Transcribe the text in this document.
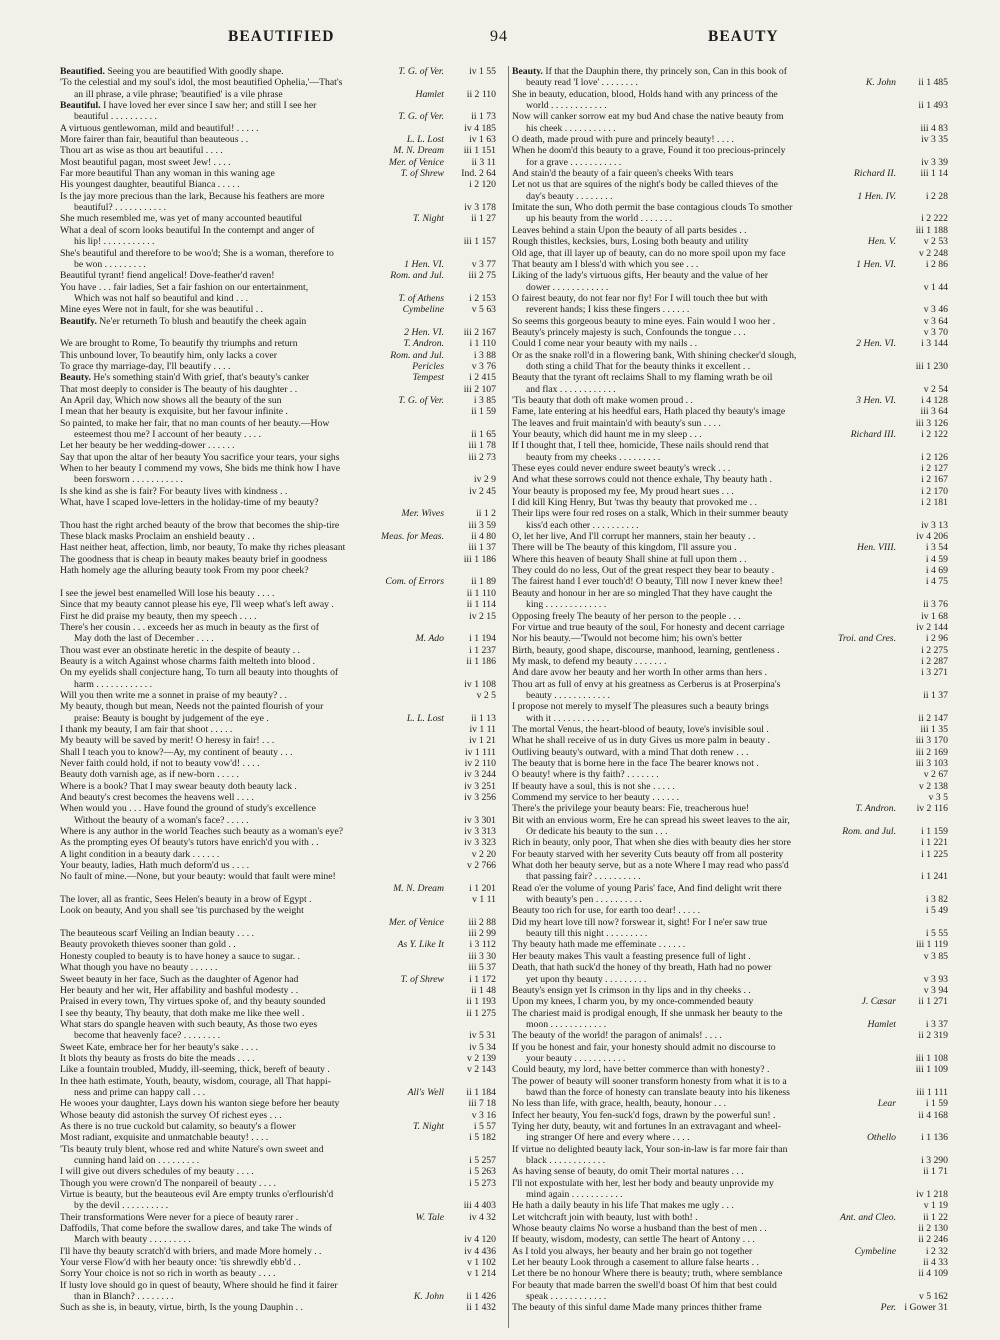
BEAUTIFIED	94	BEAUTY
Beautified. Seeing you are beautified With goodly shape.	T. G. of Ver.	iv 1 55
'To the celestial and my soul's idol, the most beautified Ophelia,'—That's
an ill phrase, a vile phrase; 'beautified' is a vile phrase	Hamlet ii 2 110
Beautiful. I have loved her ever since I saw her; and still I see her
beautiful . . . . . . . . . .	T. G. of Ver.	ii 1 73
A virtuous gentlewoman, mild and beautiful! . . . . .	iv 4 185
More fairer than fair, beautiful than beauteous . .	L. L. Lost	iv 1 63
Thou art as wise as thou art beautiful . . . .	M. N. Dream iii 1 151
Most beautiful pagan, most sweet Jew! . . . .	Mer. of Venice	ii 3 11
Far more beautiful Than any woman in this waning age	T. of Shrew Ind. 2 64
His youngest daughter, beautiful Bianca . . . . .	i 2 120
Is the jay more precious than the lark, Because his feathers are more
beautiful? . . . . . . . . . . .	iv 3 178
She much resembled me, was yet of many accounted beautiful	T. Night	ii 1 27
What a deal of scorn looks beautiful In the contempt and anger of
his lip! . . . . . . . . . . .	iii 1 157
She's beautiful and therefore to be woo'd; She is a woman, therefore to
be won . . . . . . . . .	1 Hen. VI.	v 3 77
Beautiful tyrant! fiend angelical! Dove-feather'd raven!	Rom. and Jul.	iii 2 75
You have . . . fair ladies, Set a fair fashion on our entertainment,
Which was not half so beautiful and kind . . .	T. of Athens	i 2 153
Mine eyes Were not in fault, for she was beautiful . .	Cymbeline	v 5 63
Beautify. Ne'er returneth To blush and beautify the cheek again
2 Hen. VI. iii 2 167
We are brought to Rome, To beautify thy triumphs and return	T. Andron.	i 1 110
This unbound lover, To beautify him, only lacks a cover	Rom. and Jul.	i 3 88
To grace thy marriage-day, I'll beautify . . . .	Pericles	v 3 76
Beauty. He's something stain'd With grief, that's beauty's canker	Tempest	i 2 415
That most deeply to consider is The beauty of his daughter . .	iii 2 107
An April day, Which now shows all the beauty of the sun	T. G. of Ver.	i 3 85
I mean that her beauty is exquisite, but her favour infinite .	ii 1 59
So painted, to make her fair, that no man counts of her beauty.—How
esteemest thou me? I account of her beauty . . . .	ii 1 65
Let her beauty be her wedding-dower . . . . . .	iii 1 78
Say that upon the altar of her beauty You sacrifice your tears, your sighs	iii 2 73
When to her beauty I commend my vows, She bids me think how I have
been forsworn . . . . . . . . . . .	iv 2 9
Is she kind as she is fair? For beauty lives with kindness . .	iv 2 45
What, have I scaped love-letters in the holiday-time of my beauty?
Mer. Wives	ii 1 2
Thou hast the right arched beauty of the brow that becomes the ship-tire	iii 3 59
These black masks Proclaim an enshield beauty . .	Meas. for Meas.	ii 4 80
Hast neither heat, affection, limb, nor beauty, To make thy riches pleasant	iii 1 37
The goodness that is cheap in beauty makes beauty brief in goodness	iii 1 186
Hath homely age the alluring beauty took From my poor cheek?
Com. of Errors	ii 1 89
I see the jewel best enamelled Will lose his beauty . . . .	ii 1 110
Since that my beauty cannot please his eye, I'll weep what's left away .	ii 1 114
First he did praise my beauty, then my speech . . . .	iv 2 15
There's her cousin . . . exceeds her as much in beauty as the first of
May doth the last of December . . . .	M. Ado	i 1 194
Thou wast ever an obstinate heretic in the despite of beauty . .	i 1 237
Beauty is a witch Against whose charms faith melteth into blood .	ii 1 186
On my eyelids shall conjecture hang, To turn all beauty into thoughts of
harm . . . . . . . . . . . .	iv 1 108
Will you then write me a sonnet in praise of my beauty? . .	v 2 5
My beauty, though but mean, Needs not the painted flourish of your
praise: Beauty is bought by judgement of the eye .	L. L. Lost	ii 1 13
I thank my beauty, I am fair that shoot . . . . .	iv 1 11
My beauty will be saved by merit! O heresy in fair! . . .	iv 1 21
Shall I teach you to know?—Ay, my continent of beauty . . .	iv 1 111
Never faith could hold, if not to beauty vow'd! . . . .	iv 2 110
Beauty doth varnish age, as if new-born . . . . .	iv 3 244
Where is a book? That I may swear beauty doth beauty lack .	iv 3 251
And beauty's crest becomes the heavens well . . . .	iv 3 256
When would you . . . Have found the ground of study's excellence
Without the beauty of a woman's face? . . . . .	iv 3 301
Where is any author in the world Teaches such beauty as a woman's eye?	iv 3 313
As the prompting eyes Of beauty's tutors have enrich'd you with . .	iv 3 323
A light condition in a beauty dark . . . . . .	v 2 20
Your beauty, ladies, Hath much deform'd us . . . .	v 2 766
No fault of mine.—None, but your beauty: would that fault were mine!
M. N. Dream	i 1 201
The lover, all as frantic, Sees Helen's beauty in a brow of Egypt .	v 1 11
Look on beauty, And you shall see 'tis purchased by the weight
Mer. of Venice	iii 2 88
The beauteous scarf Veiling an Indian beauty . . . .	iii 2 99
Beauty provoketh thieves sooner than gold . .	As Y. Like It	i 3 112
Honesty coupled to beauty is to have honey a sauce to sugar. .	iii 3 30
What though you have no beauty . . . . . .	iii 5 37
Sweet beauty in her face, Such as the daughter of Agenor had	T. of Shrew	i 1 172
Her beauty and her wit, Her affability and bashful modesty . .	ii 1 48
Praised in every town, Thy virtues spoke of, and thy beauty sounded	ii 1 193
I see thy beauty, Thy beauty, that doth make me like thee well .	ii 1 275
What stars do spangle heaven with such beauty, As those two eyes
become that heavenly face? . . . . . . . .	iv 5 31
Sweet Kate, embrace her for her beauty's sake . . . .	iv 5 34
It blots thy beauty as frosts do bite the meads . . . .	v 2 139
Like a fountain troubled, Muddy, ill-seeming, thick, bereft of beauty .	v 2 143
In thee hath estimate, Youth, beauty, wisdom, courage, all That happi-
ness and prime can happy call . . .	All's Well ii 1 184
He wooes your daughter, Lays down his wanton siege before her beauty	iii 7 18
Whose beauty did astonish the survey Of richest eyes . . .	v 3 16
As there is no true cuckold but calamity, so beauty's a flower	T. Night	i 5 57
Most radiant, exquisite and unmatchable beauty! . . . .	i 5 182
'Tis beauty truly blent, whose red and white Nature's own sweet and
cunning hand laid on . . . . . . . . .	i 5 257
I will give out divers schedules of my beauty . . . .	i 5 263
Though you were crown'd The nonpareil of beauty . . . .	i 5 273
Virtue is beauty, but the beauteous evil Are empty trunks o'erflourish'd
by the devil . . . . . . . . . .	iii 4 403
Their transformations Were never for a piece of beauty rarer .	W. Tale	iv 4 32
Daffodils, That come before the swallow dares, and take The winds of
March with beauty . . . . . . . . .	iv 4 120
I'll have thy beauty scratch'd with briers, and made More homely . .	iv 4 436
Your verse Flow'd with her beauty once: 'tis shrewdly ebb'd . .	v 1 102
Sorry Your choice is not so rich in worth as beauty . . . .	v 1 214
If lusty love should go in quest of beauty, Where should he find it fairer
than in Blanch? . . . . . . . .	K. John ii 1 426
Such as she is, in beauty, virtue, birth, Is the young Dauphin . .	ii 1 432
Beauty. If that the Dauphin there, thy princely son, Can in this book of
beauty read 'I love' . . . . . . . .	K. John ii 1 485
She in beauty, education, blood, Holds hand with any princess of the
world . . . . . . . . . . . .	ii 1 493
Now will canker sorrow eat my bud And chase the native beauty from
his cheek . . . . . . . . . . .	iii 4 83
O death, made proud with pure and princely beauty! . . . .	iv 3 35
When he doom'd this beauty to a grave, Found it too precious-princely
for a grave . . . . . . . . . . .	iv 3 39
And stain'd the beauty of a fair queen's cheeks With tears	Richard II.	iii 1 14
Let not us that are squires of the night's body be called thieves of the
day's beauty . . . . . . . .	1 Hen. IV.	i 2 28
Imitate the sun, Who doth permit the base contagious clouds To smother
up his beauty from the world . . . . . . .	i 2 222
Leaves behind a stain Upon the beauty of all parts besides . .	iii 1 188
Rough thistles, kecksies, burs, Losing both beauty and utility	Hen. V.	v 2 53
Old age, that ill layer up of beauty, can do no more spoil upon my face	v 2 248
That beauty am I bless'd with which you see . . .	1 Hen. VI.	i 2 86
Liking of the lady's virtuous gifts, Her beauty and the value of her
dower . . . . . . . . . . . .	v 1 44
O fairest beauty, do not fear nor fly! For I will touch thee but with
reverent hands; I kiss these fingers . . . . . .	v 3 46
So seems this gorgeous beauty to mine eyes. Fain would I woo her .	v 3 64
Beauty's princely majesty is such, Confounds the tongue . . .	v 3 70
Could I come near your beauty with my nails . .	2 Hen. VI.	i 3 144
Or as the snake roll'd in a flowering bank, With shining checker'd slough,
doth sting a child That for the beauty thinks it excellent . .	iii 1 230
Beauty that the tyrant oft reclaims Shall to my flaming wrath be oil
and flax . . . . . . . . . . . .	v 2 54
'Tis beauty that doth oft make women proud . .	3 Hen. VI.	i 4 128
Fame, late entering at his heedful ears, Hath placed thy beauty's image	iii 3 64
The leaves and fruit maintain'd with beauty's sun . . . .	iii 3 126
Your beauty, which did haunt me in my sleep . . .	Richard III.	i 2 122
If I thought that, I tell thee, homicide, These nails should rend that
beauty from my cheeks . . . . . . . . .	i 2 126
These eyes could never endure sweet beauty's wreck . . .	i 2 127
And what these sorrows could not thence exhale, Thy beauty hath .	i 2 167
Your beauty is proposed my fee, My proud heart sues . . .	i 2 170
I did kill King Henry, But 'twas thy beauty that provoked me . .	i 2 181
Their lips were four red roses on a stalk, Which in their summer beauty
kiss'd each other . . . . . . . . . .	iv 3 13
O, let her live, And I'll corrupt her manners, stain her beauty . .	iv 4 206
There will be The beauty of this kingdom, I'll assure you .	Hen. VIII.	i 3 54
Where this heaven of beauty Shall shine at full upon them . .	i 4 59
They could do no less, Out of the great respect they bear to beauty .	i 4 69
The fairest hand I ever touch'd! O beauty, Till now I never knew thee!	i 4 75
Beauty and honour in her are so mingled That they have caught the
king . . . . . . . . . . . . .	ii 3 76
Opposing freely The beauty of her person to the people . . .	iv 1 68
For virtue and true beauty of the soul, For honesty and decent carriage	iv 2 144
Nor his beauty.—'Twould not become him; his own's better	Troi. and Cres.	i 2 96
Birth, beauty, good shape, discourse, manhood, learning, gentleness .	i 2 275
My mask, to defend my beauty . . . . . . .	i 2 287
And dare avow her beauty and her worth In other arms than hers .	i 3 271
Thou art as full of envy at his greatness as Cerberus is at Proserpina's
beauty . . . . . . . . . . . .	ii 1 37
I propose not merely to myself The pleasures such a beauty brings
with it . . . . . . . . . . . .	ii 2 147
The mortal Venus, the heart-blood of beauty, love's invisible soul .	iii 1 35
What he shall receive of us in duty Gives us more palm in beauty .	iii 3 170
Outliving beauty's outward, with a mind That doth renew . . .	iii 2 169
The beauty that is borne here in the face The bearer knows not .	iii 3 103
O beauty! where is thy faith? . . . . . . .	v 2 67
If beauty have a soul, this is not she . . . . .	v 2 138
Commend my service to her beauty . . . . . .	v 3 5
There's the privilege your beauty bears: Fie, treacherous hue!	T. Andron. iv 2 116
Bit with an envious worm, Ere he can spread his sweet leaves to the air,
Or dedicate his beauty to the sun . . .	Rom. and Jul.	i 1 159
Rich in beauty, only poor, That when she dies with beauty dies her store	i 1 221
For beauty starved with her severity Cuts beauty off from all posterity	i 1 225
What doth her beauty serve, but as a note Where I may read who pass'd
that passing fair? . . . . . . . . . .	i 1 241
Read o'er the volume of young Paris' face, And find delight writ there
with beauty's pen . . . . . . . . . .	i 3 82
Beauty too rich for use, for earth too dear! . . . . .	i 5 49
Did my heart love till now? forswear it, sight! For I ne'er saw true
beauty till this night . . . . . . . . .	i 5 55
Thy beauty hath made me effeminate . . . . . .	iii 1 119
Her beauty makes This vault a feasting presence full of light .	v 3 85
Death, that hath suck'd the honey of thy breath, Hath had no power
yet upon thy beauty . . . . . . . . .	v 3 93
Beauty's ensign yet Is crimson in thy lips and in thy cheeks . .	v 3 94
Upon my knees, I charm you, by my once-commended beauty	J. Cæsar ii 1 271
The chariest maid is prodigal enough, If she unmask her beauty to the
moon . . . . . . . . . . . .	Hamlet	i 3 37
The beauty of the world! the paragon of animals! . . . .	ii 2 319
If you be honest and fair, your honesty should admit no discourse to
your beauty . . . . . . . . . . .	iii 1 108
Could beauty, my lord, have better commerce than with honesty? .	iii 1 109
The power of beauty will sooner transform honesty from what it is to a
bawd than the force of honesty can translate beauty into his likeness	iii 1 111
No less than life, with grace, health, beauty, honour . . .	Lear	i 1 59
Infect her beauty, You fen-suck'd fogs, drawn by the powerful sun! .	ii 4 168
Tying her duty, beauty, wit and fortunes In an extravagant and wheel-
ing stranger Of here and every where . . . .	Othello	i 1 136
If virtue no delighted beauty lack, Your son-in-law is far more fair than
black . . . . . . . . . . . .	i 3 290
As having sense of beauty, do omit Their mortal natures . . .	ii 1 71
I'll not expostulate with her, lest her body and beauty unprovide my
mind again . . . . . . . . . . .	iv 1 218
He hath a daily beauty in his life That makes me ugly . . .	v 1 19
Let witchcraft join with beauty, lust with both! .	Ant. and Cleo.	ii 1 22
Whose beauty claims No worse a husband than the best of men . .	ii 2 130
If beauty, wisdom, modesty, can settle The heart of Antony . . .	ii 2 246
As I told you always, her beauty and her brain go not together	Cymbeline	i 2 32
Let her beauty Look through a casement to allure false hearts . .	ii 4 33
Let there be no honour Where there is beauty; truth, where semblance	ii 4 109
For beauty that made barren the swell'd boast Of him that best could
speak . . . . . . . . . . . .	v 5 162
The beauty of this sinful dame Made many princes thither frame	Per. i Gower 31
